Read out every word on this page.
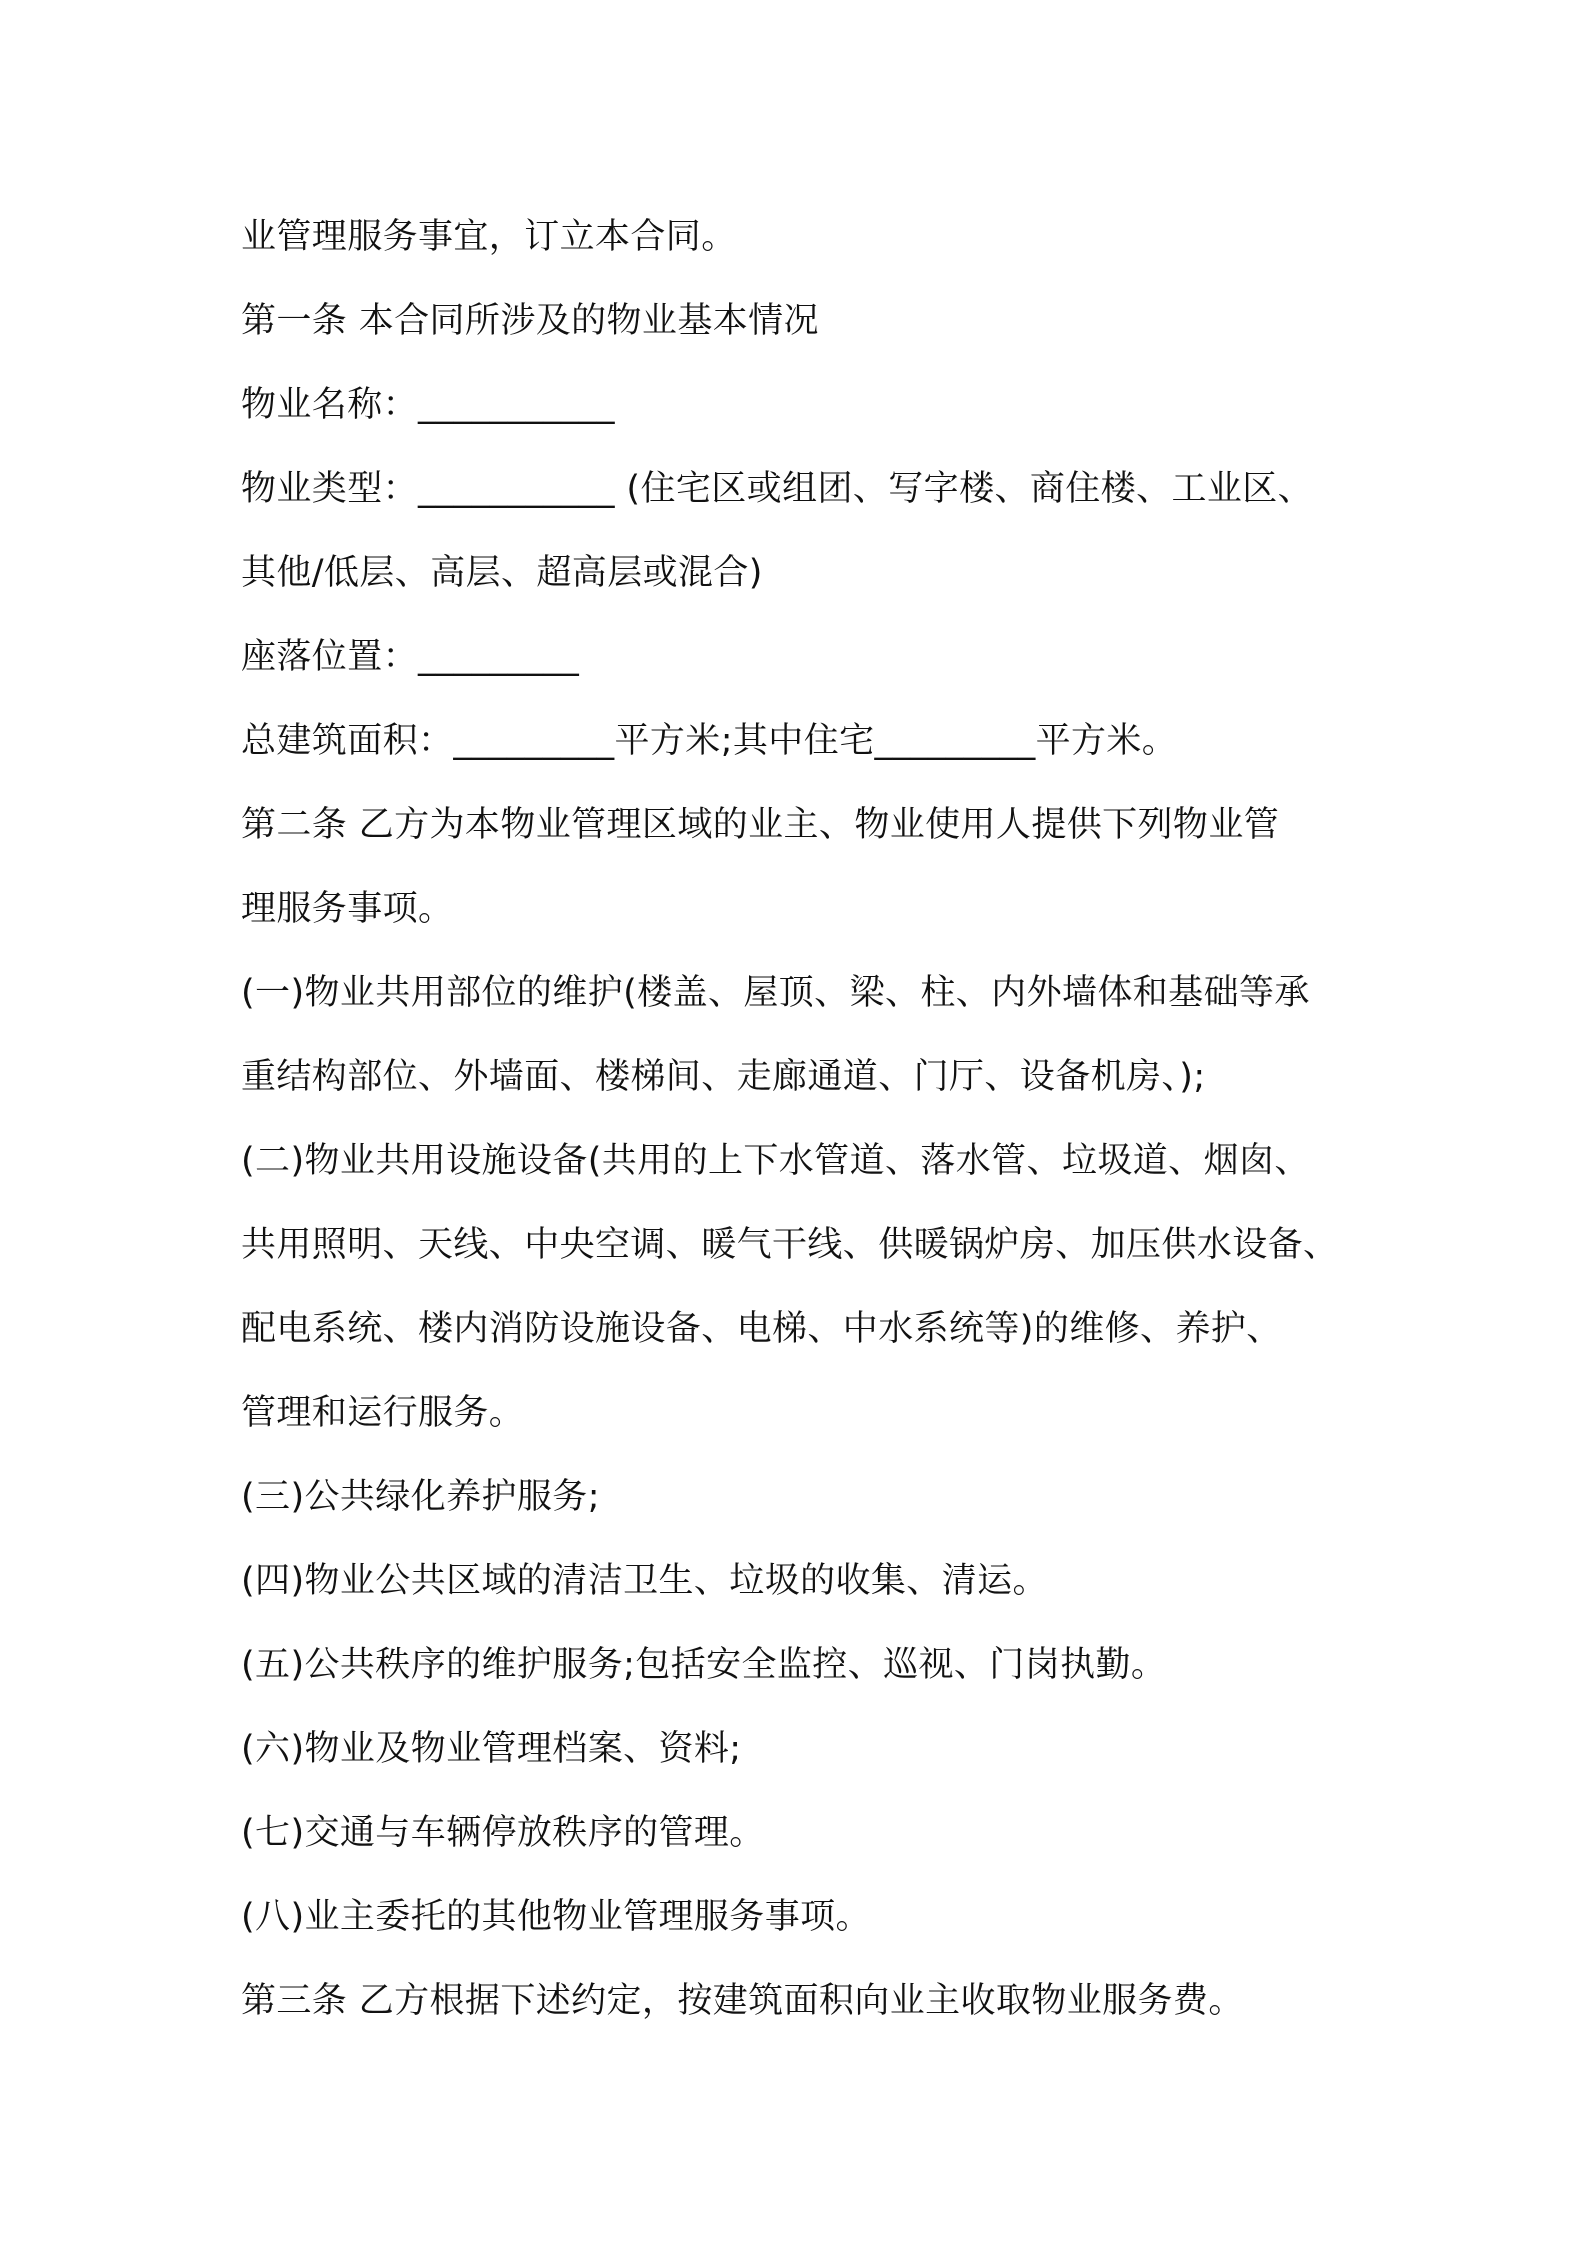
业管理服务事宜，订立本合同。
第一条 本合同所涉及的物业基本情况
物业名称：___________
物业类型：___________ (住宅区或组团、写字楼、商住楼、工业区、
其他/低层、高层、超高层或混合)
座落位置：_________
总建筑面积：_________平方米;其中住宅_________平方米。
第二条 乙方为本物业管理区域的业主、物业使用人提供下列物业管
理服务事项。
(一)物业共用部位的维护(楼盖、屋顶、梁、柱、内外墙体和基础等承
重结构部位、外墙面、楼梯间、走廊通道、门厅、设备机房、);
(二)物业共用设施设备(共用的上下水管道、落水管、垃圾道、烟囱、
共用照明、天线、中央空调、暖气干线、供暖锅炉房、加压供水设备、
配电系统、楼内消防设施设备、电梯、中水系统等)的维修、养护、
管理和运行服务。
(三)公共绿化养护服务;
(四)物业公共区域的清洁卫生、垃圾的收集、清运。
(五)公共秩序的维护服务;包括安全监控、巡视、门岗执勤。
(六)物业及物业管理档案、资料;
(七)交通与车辆停放秩序的管理。
(八)业主委托的其他物业管理服务事项。
第三条 乙方根据下述约定，按建筑面积向业主收取物业服务费。
